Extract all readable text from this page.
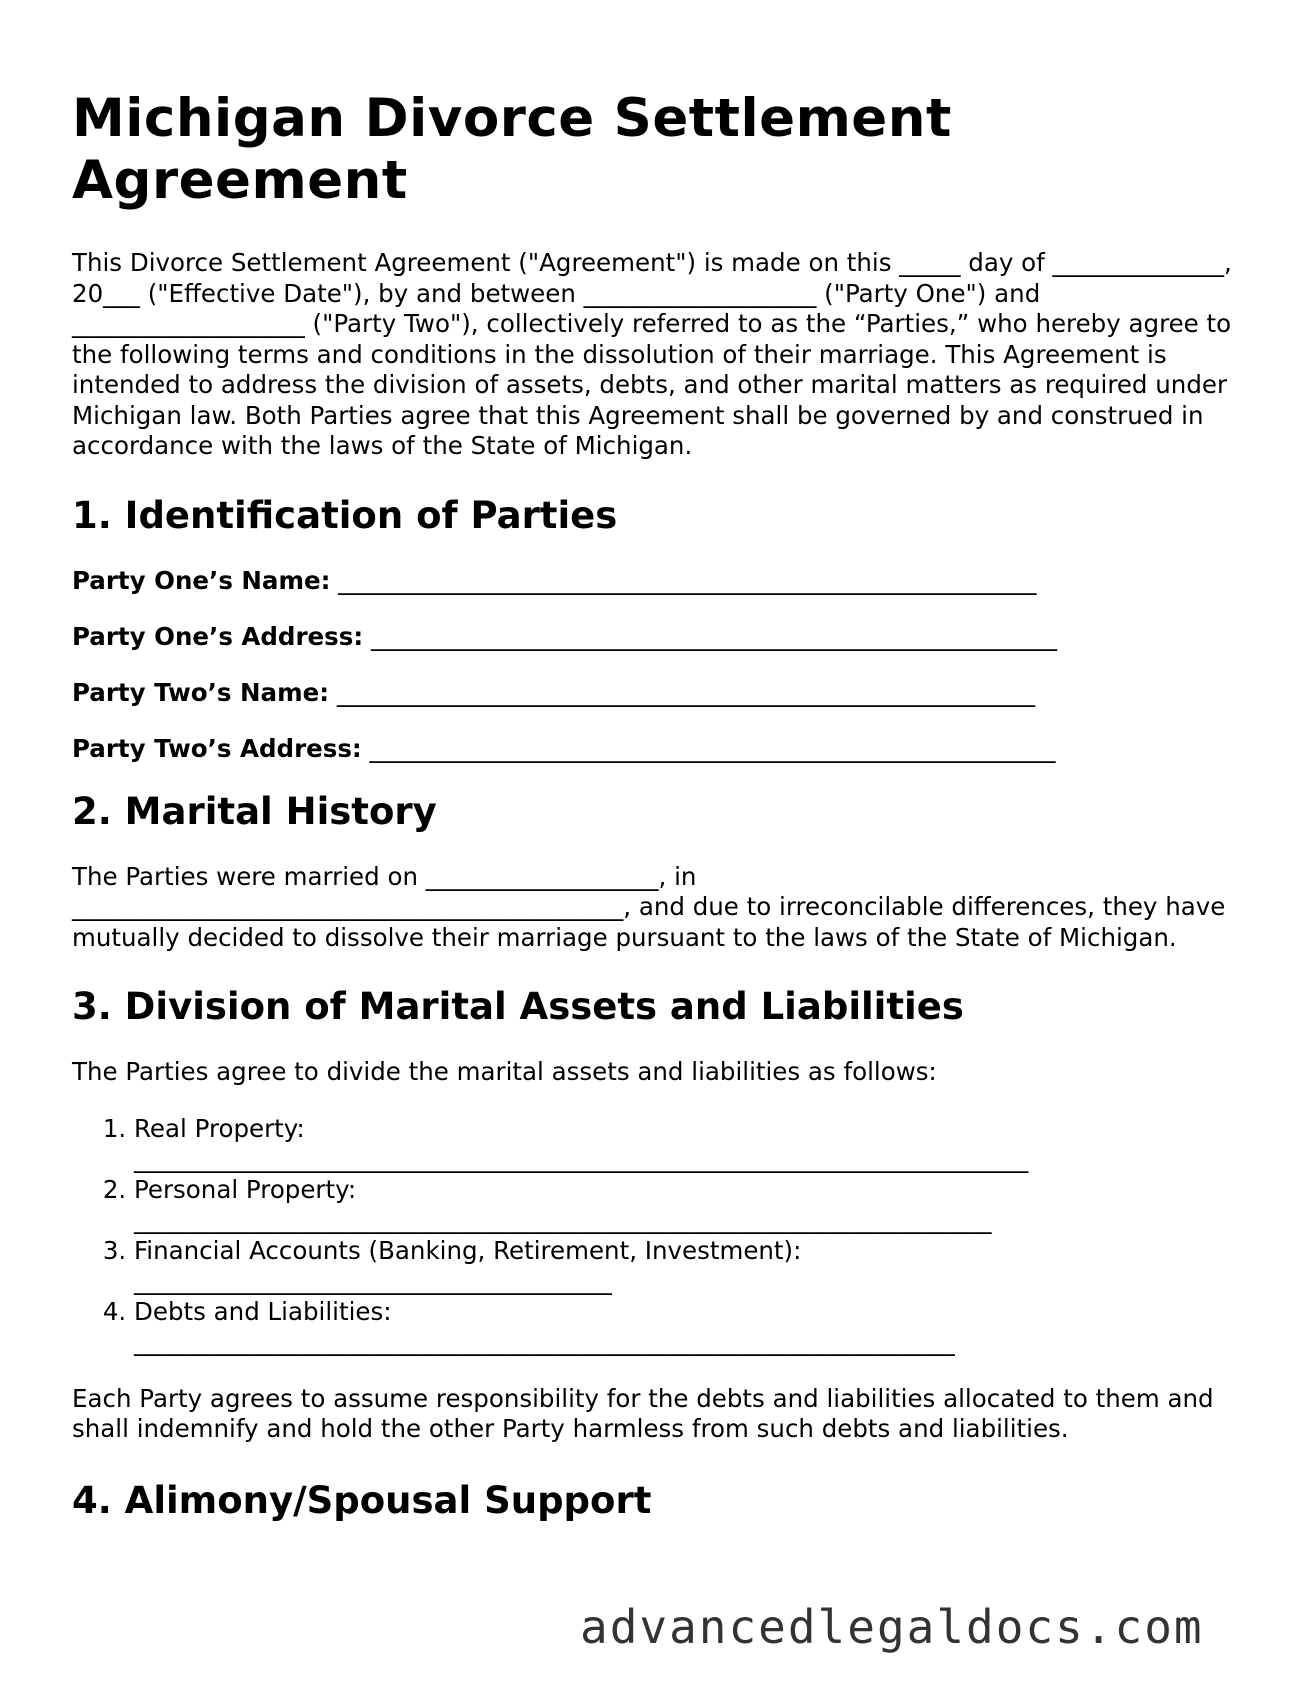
Michigan Divorce Settlement Agreement

This Divorce Settlement Agreement ("Agreement") is made on this _____ day of ______________, 20___ ("Effective Date"), by and between ___________________ ("Party One") and ___________________ ("Party Two"), collectively referred to as the “Parties,” who hereby agree to the following terms and conditions in the dissolution of their marriage. This Agreement is intended to address the division of assets, debts, and other marital matters as required under Michigan law. Both Parties agree that this Agreement shall be governed by and construed in accordance with the laws of the State of Michigan.

1. Identification of Parties
Party One’s Name: _________________________________________________________
Party One’s Address: ________________________________________________________
Party Two’s Name: _________________________________________________________
Party Two’s Address: ________________________________________________________
2. Marital History

The Parties were married on ___________________, in _____________________________________________, and due to irreconcilable differences, they have mutually decided to dissolve their marriage pursuant to the laws of the State of Michigan.

3. Division of Marital Assets and Liabilities

The Parties agree to divide the marital assets and liabilities as follows:

1. Real Property:
_________________________________________________________________________
2. Personal Property:
______________________________________________________________________
3. Financial Accounts (Banking, Retirement, Investment):
_______________________________________
4. Debts and Liabilities:
___________________________________________________________________

Each Party agrees to assume responsibility for the debts and liabilities allocated to them and shall indemnify and hold the other Party harmless from such debts and liabilities.

4. Alimony/Spousal Support
advancedlegaldocs.com
